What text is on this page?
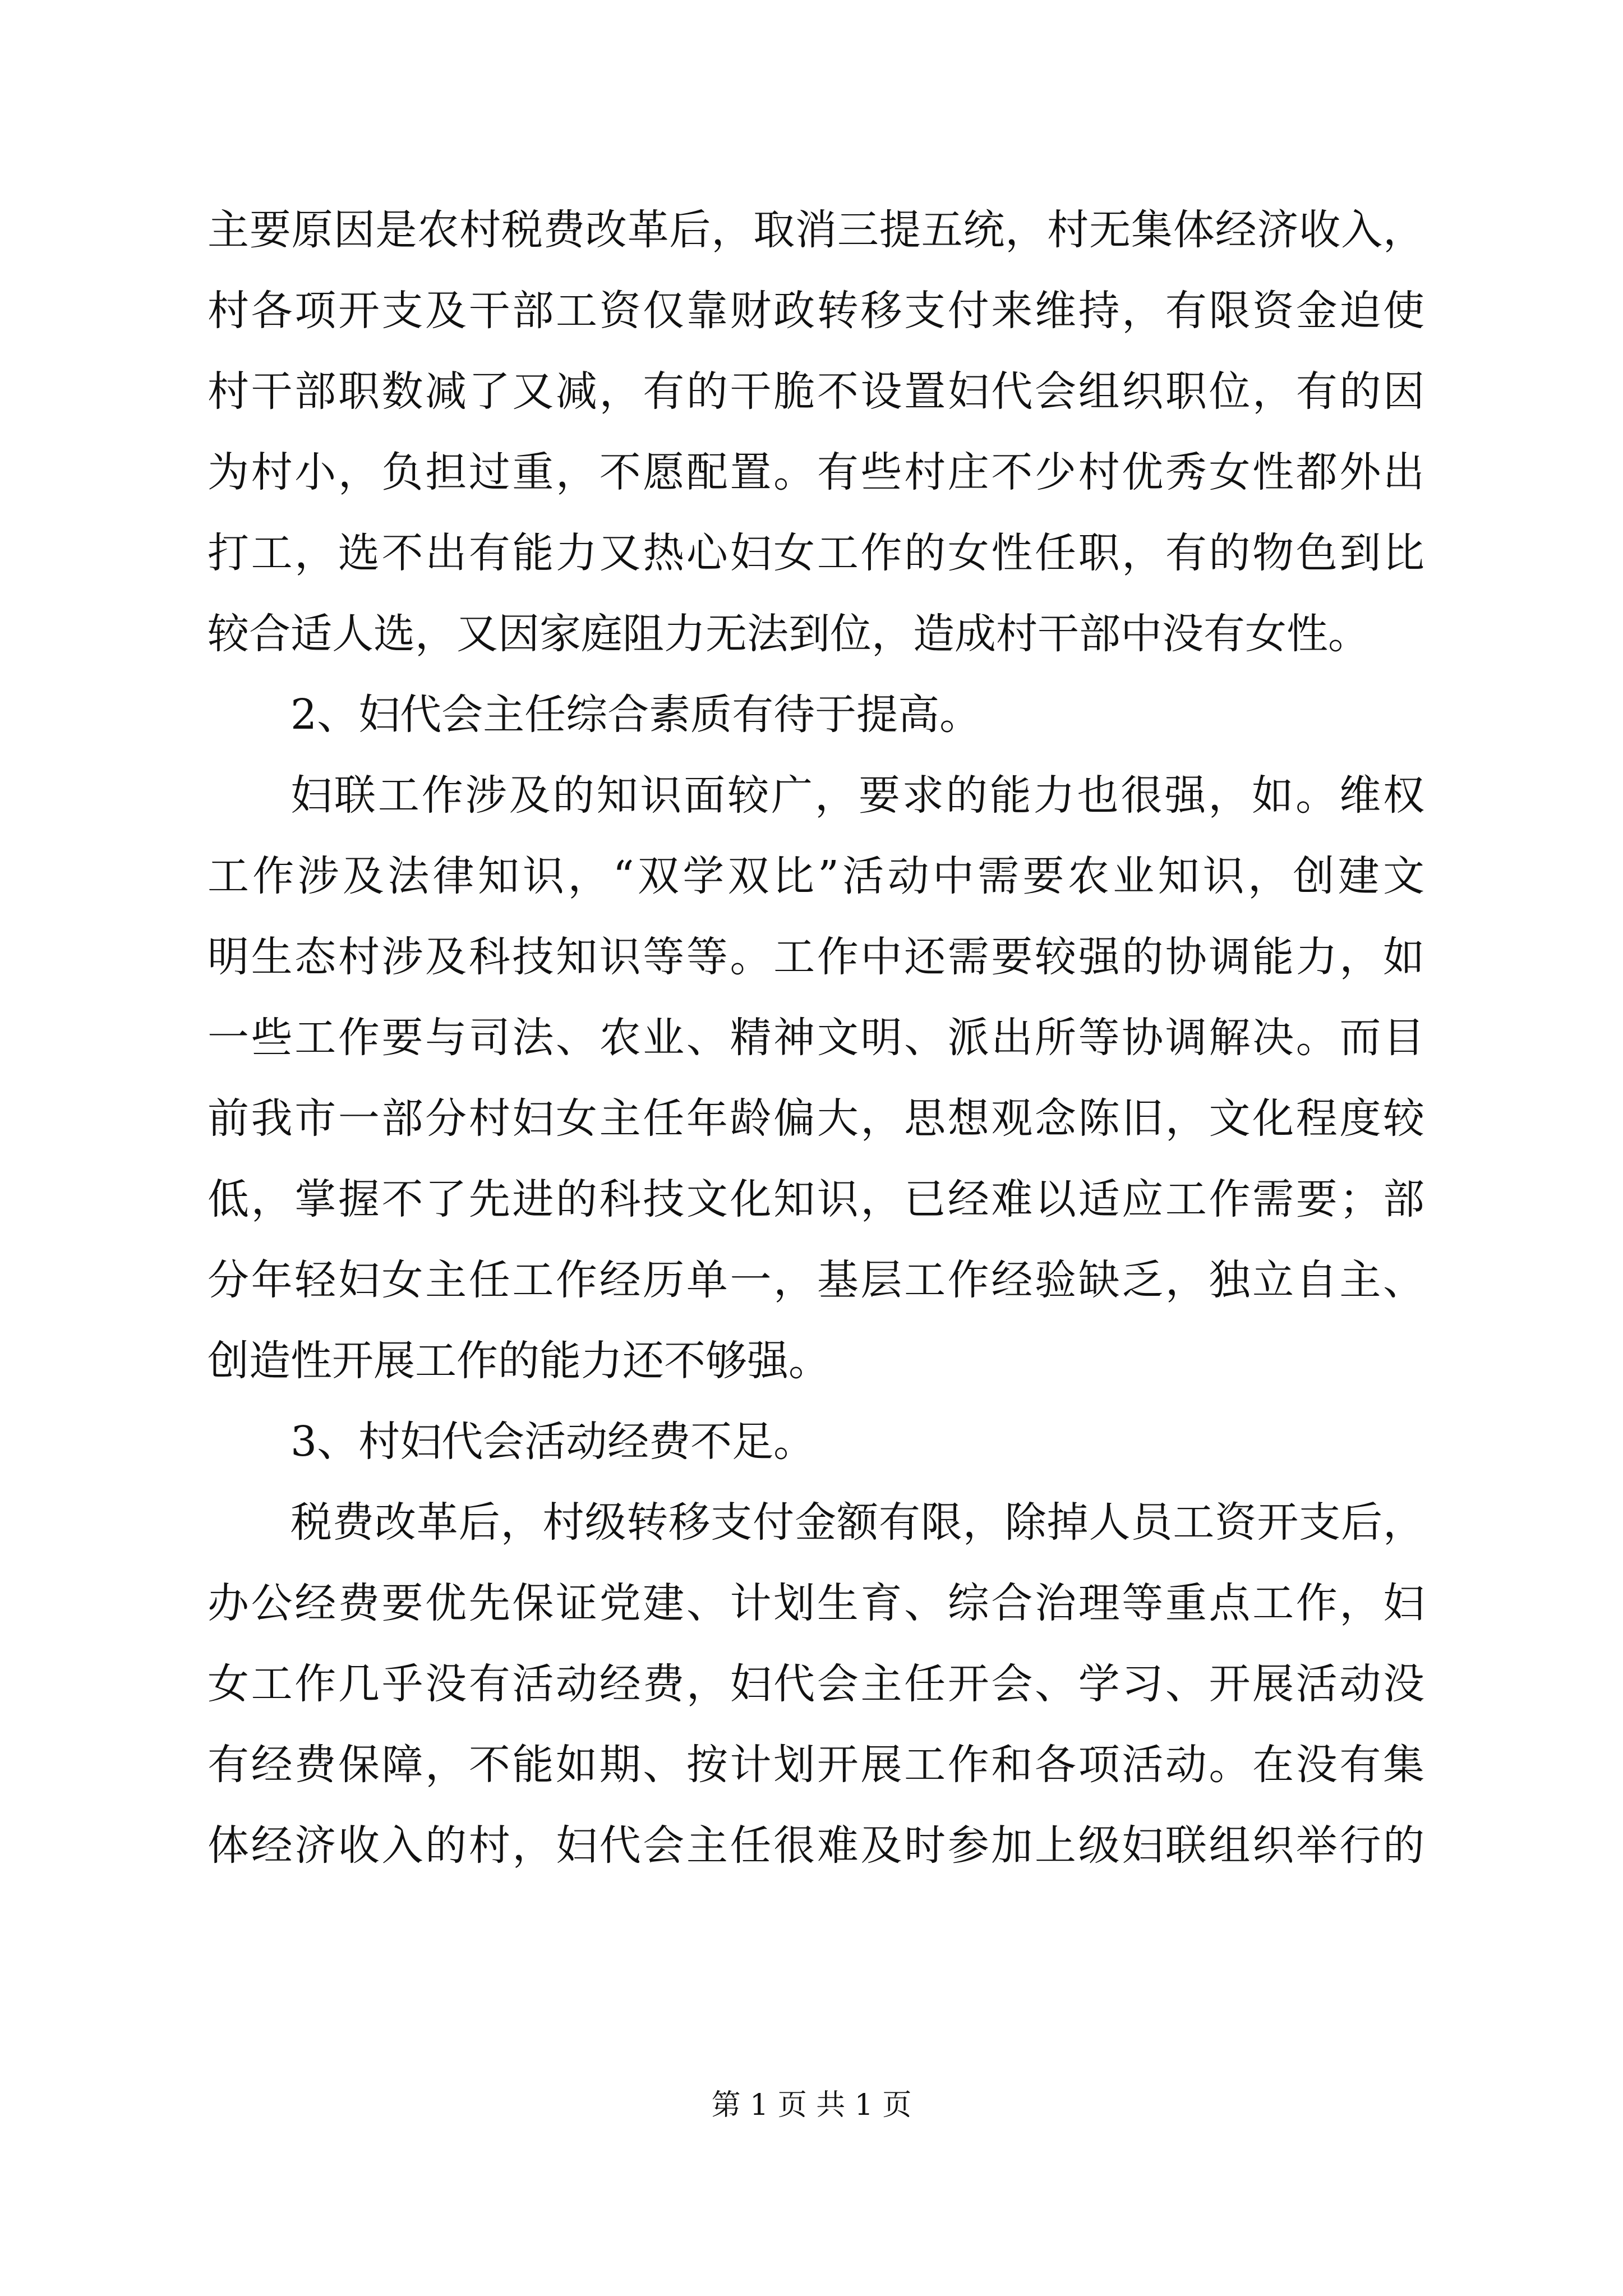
主要原因是农村税费改革后，取消三提五统，村无集体经济收入，
村各项开支及干部工资仅靠财政转移支付来维持，有限资金迫使
村干部职数减了又减，有的干脆不设置妇代会组织职位，有的因
为村小，负担过重，不愿配置。有些村庄不少村优秀女性都外出
打工，选不出有能力又热心妇女工作的女性任职，有的物色到比
较合适人选，又因家庭阻力无法到位，造成村干部中没有女性。
2、妇代会主任综合素质有待于提高。
妇联工作涉及的知识面较广，要求的能力也很强，如。维权
工作涉及法律知识，“双学双比”活动中需要农业知识，创建文
明生态村涉及科技知识等等。工作中还需要较强的协调能力，如
一些工作要与司法、农业、精神文明、派出所等协调解决。而目
前我市一部分村妇女主任年龄偏大，思想观念陈旧，文化程度较
低，掌握不了先进的科技文化知识，已经难以适应工作需要；部
分年轻妇女主任工作经历单一，基层工作经验缺乏，独立自主、
创造性开展工作的能力还不够强。
3、村妇代会活动经费不足。
税费改革后，村级转移支付金额有限，除掉人员工资开支后，
办公经费要优先保证党建、计划生育、综合治理等重点工作，妇
女工作几乎没有活动经费，妇代会主任开会、学习、开展活动没
有经费保障，不能如期、按计划开展工作和各项活动。在没有集
体经济收入的村，妇代会主任很难及时参加上级妇联组织举行的
第 1 页 共 1 页
